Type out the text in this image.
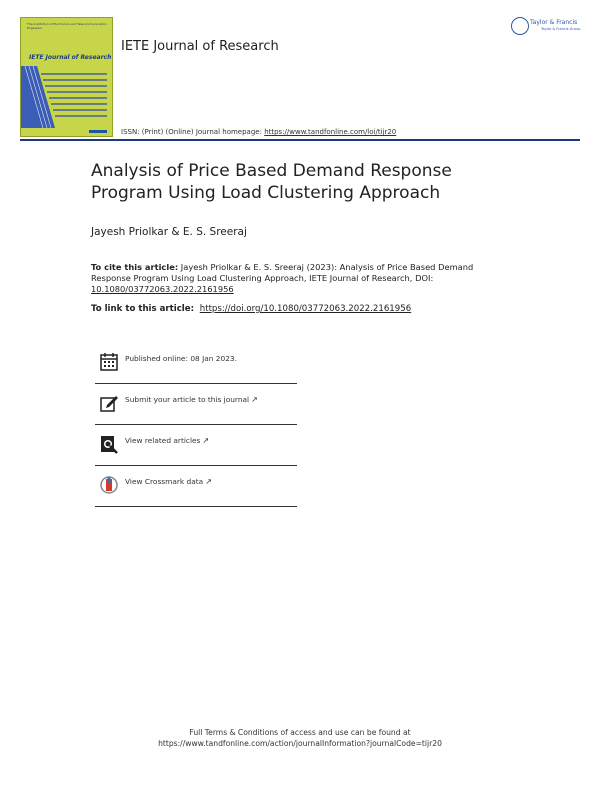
The Institution of Electronics and Telecommunication Engineers
IETE Journal of Research
IETE Journal of Research
Taylor & Francis
Taylor & Francis Group
ISSN: (Print) (Online) Journal homepage: https://www.tandfonline.com/loi/tijr20
Analysis of Price Based Demand Response Program Using Load Clustering Approach
Jayesh Priolkar & E. S. Sreeraj
To cite this article: Jayesh Priolkar & E. S. Sreeraj (2023): Analysis of Price Based Demand Response Program Using Load Clustering Approach, IETE Journal of Research, DOI: 10.1080/03772063.2022.2161956
To link to this article: https://doi.org/10.1080/03772063.2022.2161956
Published online: 08 Jan 2023.
Submit your article to this journal ↗
View related articles ↗
View Crossmark data ↗
Full Terms & Conditions of access and use can be found at
https://www.tandfonline.com/action/journalInformation?journalCode=tijr20
